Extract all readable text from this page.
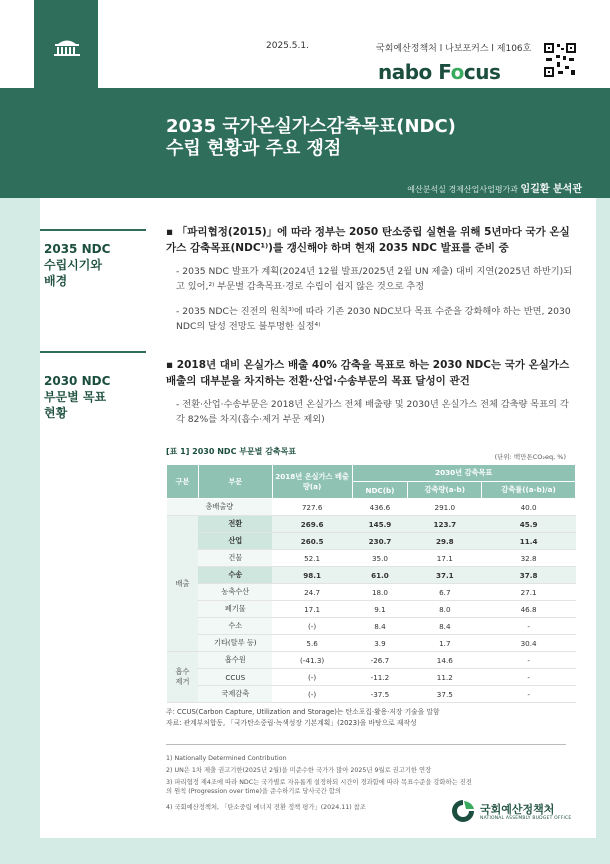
2025.5.1.	국회예산정책처 l 나보포커스 l 제106호
nabo Focus
2035 국가온실가스감축목표(NDC)
수립 현황과 주요 쟁점
예산분석실 경제산업사업평가과 임길환 분석관
2035 NDC
수립시기와
배경
▪ 「파리협정(2015)」에 따라 정부는 2050 탄소중립 실현을 위해 5년마다 국가 온실가스 감축목표(NDC¹⁾)를 갱신해야 하며 현재 2035 NDC 발표를 준비 중
- 2035 NDC 발표가 계획(2024년 12월 발표/2025년 2월 UN 제출) 대비 지연(2025년 하반기)되고 있어,²⁾ 부문별 감축목표·경로 수립이 쉽지 않은 것으로 추정
- 2035 NDC는 진전의 원칙³⁾에 따라 기존 2030 NDC보다 목표 수준을 강화해야 하는 반면, 2030 NDC의 달성 전망도 불투명한 실정⁴⁾
2030 NDC
부문별 목표
현황
▪ 2018년 대비 온실가스 배출 40% 감축을 목표로 하는 2030 NDC는 국가 온실가스 배출의 대부분을 차지하는 전환·산업·수송부문의 목표 달성이 관건
- 전환·산업·수송부문은 2018년 온실가스 전체 배출량 및 2030년 온실가스 전체 감축량 목표의 각각 82%를 차지(흡수·제거 부문 제외)
[표 1] 2030 NDC 부문별 감축목표
(단위: 백만톤CO₂eq, %)
구분	부문	2018년 온실가스 배출량(a)	2030년 감축목표		
			NDC(b)	감축량(a-b)	감축률((a-b)/a)
총배출량		727.6	436.6	291.0	40.0
배출	전환	269.6	145.9	123.7	45.9
	산업	260.5	230.7	29.8	11.4
	건물	52.1	35.0	17.1	32.8
	수송	98.1	61.0	37.1	37.8
	농축수산	24.7	18.0	6.7	27.1
	폐기물	17.1	9.1	8.0	46.8
	수소	(-)	8.4	8.4	-
	기타(탈루 등)	5.6	3.9	1.7	30.4

흡수
제거	흡수원	(-41.3)	-26.7	14.6	-
	CCUS	(-)	-11.2	11.2	-
	국제감축	(-)	-37.5	37.5	-
주: CCUS(Carbon Capture, Utilization and Storage)는 탄소포집·활용·저장 기술을 말함
자료: 관계부처합동, 「국가탄소중립·녹색성장 기본계획」(2023)을 바탕으로 재작성
1) Nationally Determined Contribution
2) UN은 1차 제출 권고기한(2025년 2월)을 미준수한 국가가 많아 2025년 9월로 권고기한 연장
3) 파리협정 제4조에 따라 NDC는 국가별로 자유롭게 설정하되 시간이 경과함에 따라 목표수준을 강화하는 진전의 원칙 (Progression over time)을 준수하기로 당사국간 합의
4) 국회예산정책처, 「탄소중립 에너지 전환 정책 평가」(2024.11) 참조	국회예산정책처
NATIONAL ASSEMBLY BUDGET OFFICE
